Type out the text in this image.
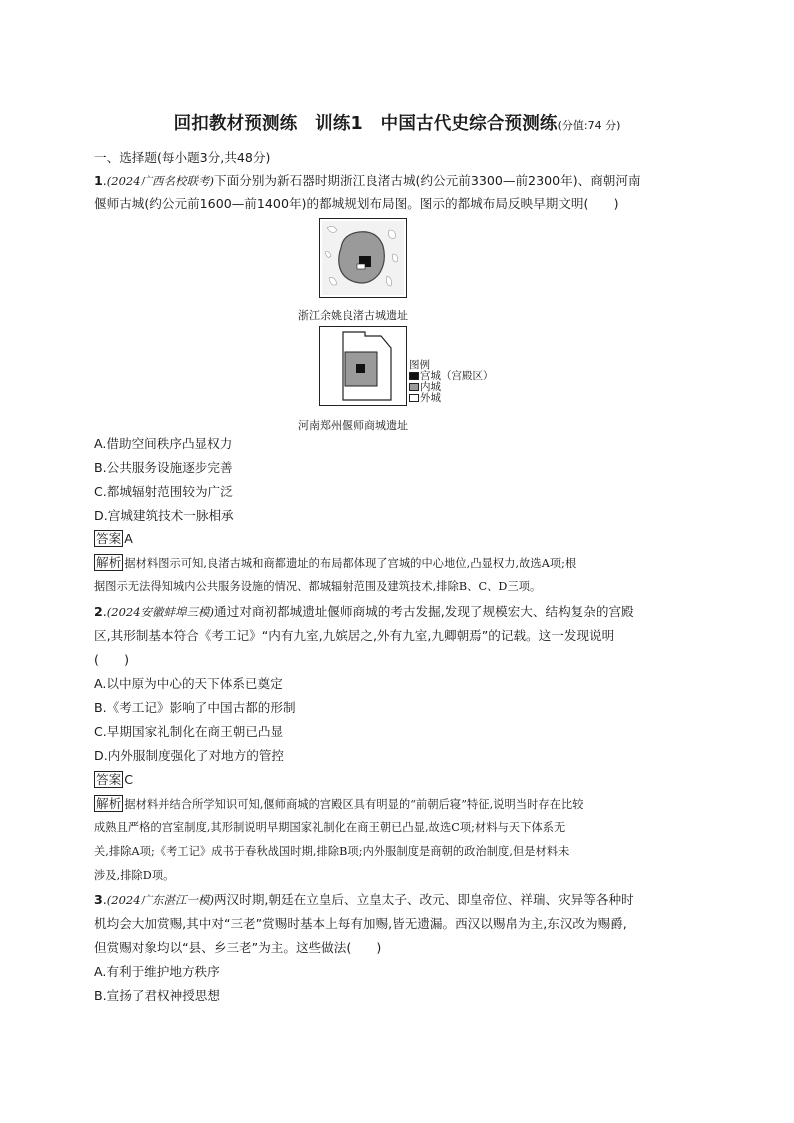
回扣教材预测练　训练1　中国古代史综合预测练(分值:74 分)
一、选择题(每小题3分,共48分)
1.(2024广西名校联考)下面分别为新石器时期浙江良渚古城(约公元前3300—前2300年)、商朝河南
偃师古城(约公元前1600—前1400年)的都城规划布局图。图示的都城布局反映早期文明(　　)
浙江余姚良渚古城遗址
图例
宫城（宫殿区）
内城
外城
河南郑州偃师商城遗址
A.借助空间秩序凸显权力
B.公共服务设施逐步完善
C.都城辐射范围较为广泛
D.宫城建筑技术一脉相承
答案 A
解析 据材料图示可知,良渚古城和商都遗址的布局都体现了宫城的中心地位,凸显权力,故选A项;根
据图示无法得知城内公共服务设施的情况、都城辐射范围及建筑技术,排除B、C、D三项。
2.(2024安徽蚌埠三模)通过对商初都城遗址偃师商城的考古发掘,发现了规模宏大、结构复杂的宫殿
区,其形制基本符合《考工记》“内有九室,九嫔居之,外有九室,九卿朝焉”的记载。这一发现说明
(　　)
A.以中原为中心的天下体系已奠定
B.《考工记》影响了中国古都的形制
C.早期国家礼制化在商王朝已凸显
D.内外服制度强化了对地方的管控
答案 C
解析 据材料并结合所学知识可知,偃师商城的宫殿区具有明显的“前朝后寝”特征,说明当时存在比较
成熟且严格的宫室制度,其形制说明早期国家礼制化在商王朝已凸显,故选C项;材料与天下体系无
关,排除A项;《考工记》成书于春秋战国时期,排除B项;内外服制度是商朝的政治制度,但是材料未
涉及,排除D项。
3.(2024广东湛江一模)两汉时期,朝廷在立皇后、立皇太子、改元、即皇帝位、祥瑞、灾异等各种时
机均会大加赏赐,其中对“三老”赏赐时基本上每有加赐,皆无遗漏。西汉以赐帛为主,东汉改为赐爵,
但赏赐对象均以“县、乡三老”为主。这些做法(　　)
A.有利于维护地方秩序
B.宣扬了君权神授思想
